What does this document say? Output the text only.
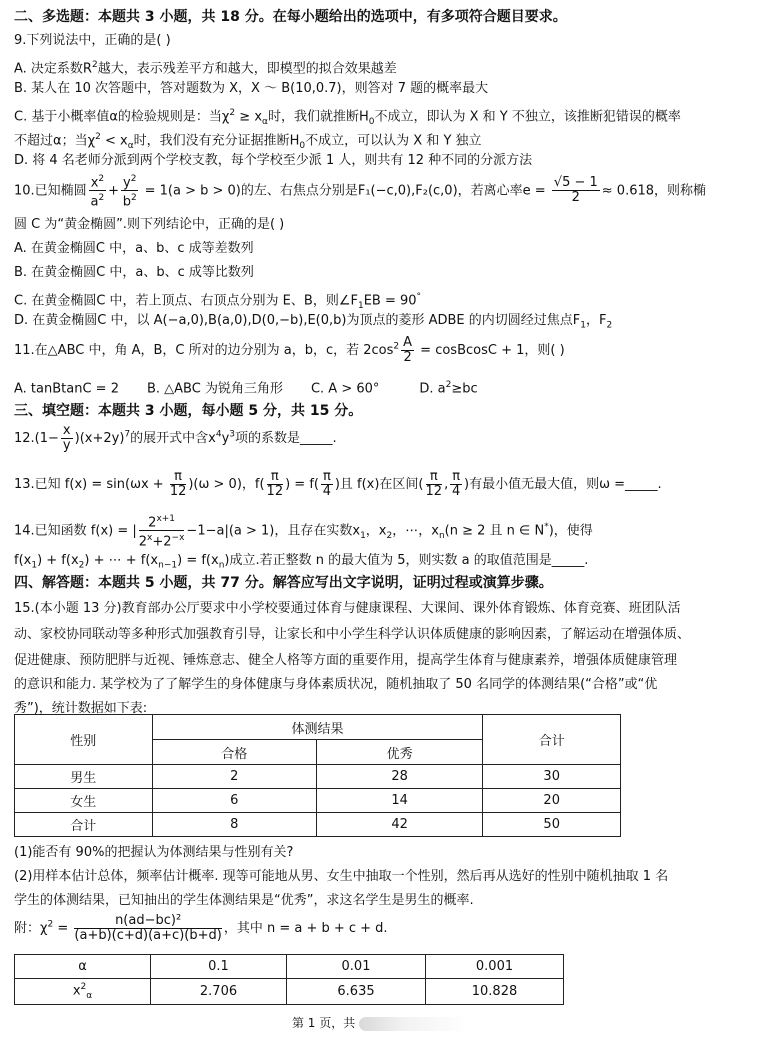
二、多选题：本题共 3 小题，共 18 分。在每小题给出的选项中，有多项符合题目要求。
9.下列说法中，正确的是( )
A. 决定系数$R^2$越大，表示残差平方和越大，即模型的拟合效果越差
B. 某人在 10 次答题中，答对题数为 X，X ～ B(10,0.7)，则答对 7 题的概率最大
C. 基于小概率值α的检验规则是：当$\chi^2 \ge x_\alpha$时，我们就推断$H_0$不成立，即认为 X 和 Y 不独立，该推断犯错误的概率
不超过α；当$\chi^2 < x_\alpha$时，我们没有充分证据推断$H_0$不成立，可以认为 X 和 Y 独立
D. 将 4 名老师分派到两个学校支教，每个学校至少派 1 人，则共有 12 种不同的分派方法
10.已知椭圆 $\frac{x^2}{a^2} + \frac{y^2}{b^2} = 1(a > b > 0)$的左、右焦点分别是F₁(−c,0),F₂(c,0)，若离心率$e = \frac{√5 - 1}{2} \approx 0.618$，则称椭
圆 C 为“黄金椭圆”.则下列结论中，正确的是( )
A. 在黄金椭圆C 中，a、b、c 成等差数列
B. 在黄金椭圆C 中，a、b、c 成等比数列
C. 在黄金椭圆C 中，若上顶点、右顶点分别为 E、B，则$\angle F_1EB = 90^\circ$
D. 在黄金椭圆C 中，以 A(−a,0),B(a,0),D(0,−b),E(0,b)为顶点的菱形 ADBE 的内切圆经过焦点$F_1$，$F_2$
11.在△ABC 中，角 A，B，C 所对的边分别为 a，b，c，若 $2\cos^2 \frac{A}{2}$ = cosBcosC + 1，则( )
A. tanBtanC = 2 B. △ABC 为锐角三角形 C. A > 60°	D. $a^2\ge bc$
三、填空题：本题共 3 小题，每小题 5 分，共 15 分。
$12.(1- \frac{x}{y} )(x+2y)^7$的展开式中含$x^4y^3$项的系数是_____.
13.已知 $f(x) = \sin(\omega x + \frac{\pi}{12} )(\omega > 0)$，$f( \frac{\pi}{12}$ ) = $f( \frac{\pi}{4}$ )且 f(x)在区间( $\frac{\pi}{12}$ , $\frac{\pi}{4}$ )有最小值无最大值，则ω =_____.
14.已知函数 f(x) = | $\frac{2^{x+1}}{2^x+2^{-x}} -1-a|(a > 1)$，且存在实数$x_1$，$x_2$，⋯，$x_n(n \ge 2$ 且 n ∈ N*)，使得
$f(x_1) + f(x_2)$ + ⋯ + $f(x_{n-1}) = f(x_n)$成立.若正整数 n 的最大值为 5，则实数 a 的取值范围是_____.
四、解答题：本题共 5 小题，共 77 分。解答应写出文字说明，证明过程或演算步骤。
15.(本小题 13 分)教育部办公厅要求中小学校要通过体育与健康课程、大课间、课外体育锻炼、体育竞赛、班团队活
动、家校协同联动等多种形式加强教育引导，让家长和中小学生科学认识体质健康的影响因素，了解运动在增强体质、
促进健康、预防肥胖与近视、锤炼意志、健全人格等方面的重要作用，提高学生体育与健康素养，增强体质健康管理
的意识和能力. 某学校为了了解学生的身体健康与身体素质状况，随机抽取了 50 名同学的体测结果(“合格”或“优
秀”)，统计数据如下表:
性别	体测结果		合计
	合格	优秀	
男生	2	28	30
女生	6	14	20
合计	8	42	50
(1)能否有 90%的把握认为体测结果与性别有关?
(2)用样本估计总体，频率估计概率. 现等可能地从男、女生中抽取一个性别，然后再从选好的性别中随机抽取 1 名
学生的体测结果，已知抽出的学生体测结果是“优秀”，求这名学生是男生的概率.
附：$\chi^2 = \frac{\text{n(ad−bc)²}}{(a+b)(c+d)(a+c)(b+d)}$ ，其中 n = a + b + c + d.
α	0.1	0.01	0.001
$x^2_\alpha$	2.706	6.635	10.828
第 1 页，共
